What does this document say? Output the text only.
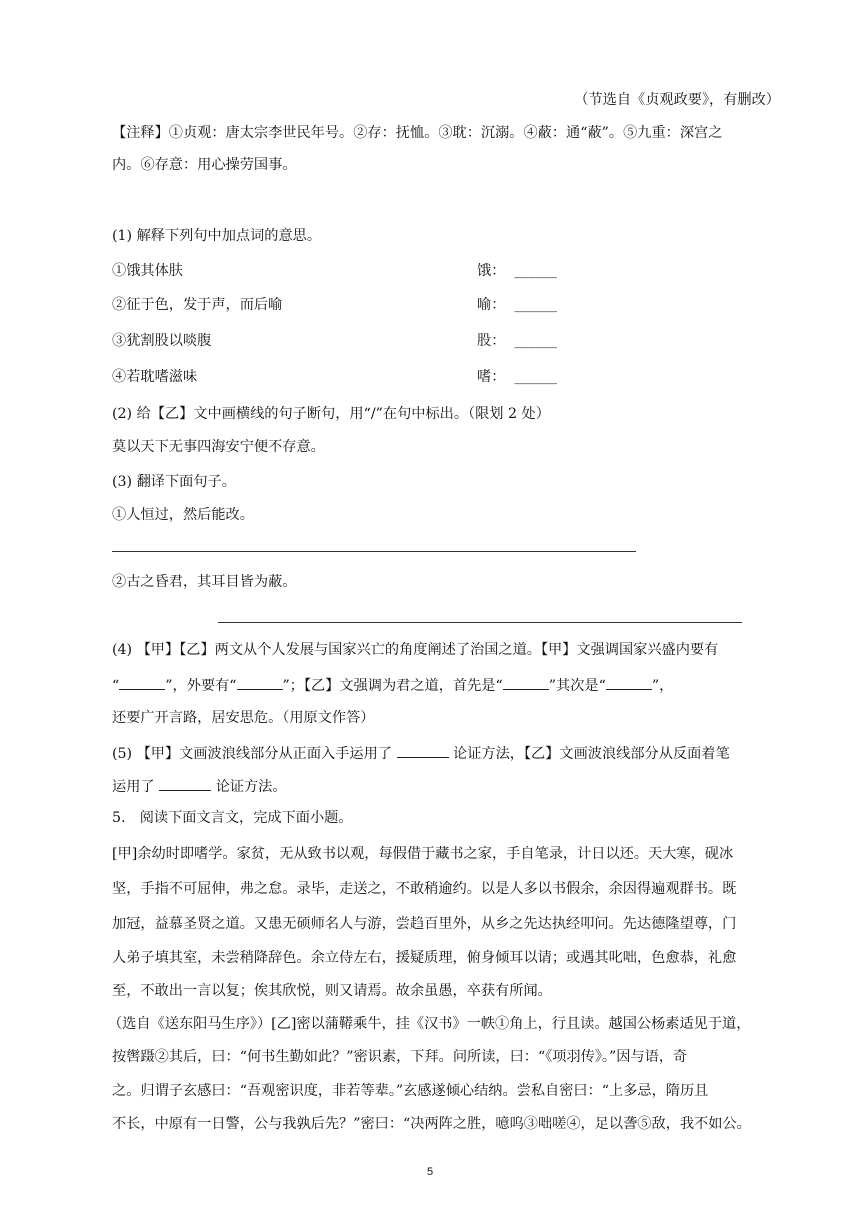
（节选自《贞观政要》，有删改）
【注释】①贞观：唐太宗李世民年号。②存：抚恤。③耽：沉溺。④蔽：通“蔽”。⑤九重：深宫之
内。⑥存意：用心操劳国事。
(1) 解释下列句中加点词的意思。
①饿其体肤	饿： ______
②征于色，发于声，而后喻	喻： ______
③犹割股以啖腹	股： ______
④若耽嗜滋味	嗜： ______
(2) 给【乙】文中画横线的句子断句，用“/”在句中标出。（限划 2 处）
莫以天下无事四海安宁便不存意。
(3) 翻译下面句子。
①人恒过，然后能改。
②古之昏君，其耳目皆为蔽。
(4) 【甲】【乙】两文从个人发展与国家兴亡的角度阐述了治国之道。【甲】文强调国家兴盛内要有
“	”，外要有“	”；【乙】文强调为君之道，首先是“	”其次是“	”，
还要广开言路，居安思危。（用原文作答）
(5) 【甲】文画波浪线部分从正面入手运用了	论证方法，【乙】文画波浪线部分从反面着笔
运用了	论证方法。
5.　阅读下面文言文，完成下面小题。
[甲]余幼时即嗜学。家贫，无从致书以观，每假借于藏书之家，手自笔录，计日以还。天大寒，砚冰
坚，手指不可屈伸，弗之怠。录毕，走送之，不敢稍逾约。以是人多以书假余，余因得遍观群书。既
加冠，益慕圣贤之道。又患无硕师名人与游，尝趋百里外，从乡之先达执经叩问。先达德隆望尊，门
人弟子填其室，未尝稍降辞色。余立侍左右，援疑质理，俯身倾耳以请；或遇其叱咄，色愈恭，礼愈
至，不敢出一言以复；俟其欣悦，则又请焉。故余虽愚，卒获有所闻。
（选自《送东阳马生序》）[乙]密以蒲鞯乘牛，挂《汉书》一帙①角上，行且读。越国公杨素适见于道，
按辔蹑②其后，曰：“何书生勤如此？”密识素，下拜。问所读，曰：“《项羽传》。”因与语，奇
之。归谓子玄感曰：“吾观密识度，非若等辈。”玄感遂倾心结纳。尝私自密曰：“上多忌，隋历且
不长，中原有一日警，公与我孰后先？”密曰：“决两阵之胜，噫呜③咄嗟④，足以詟⑤敌，我不如公。
5
